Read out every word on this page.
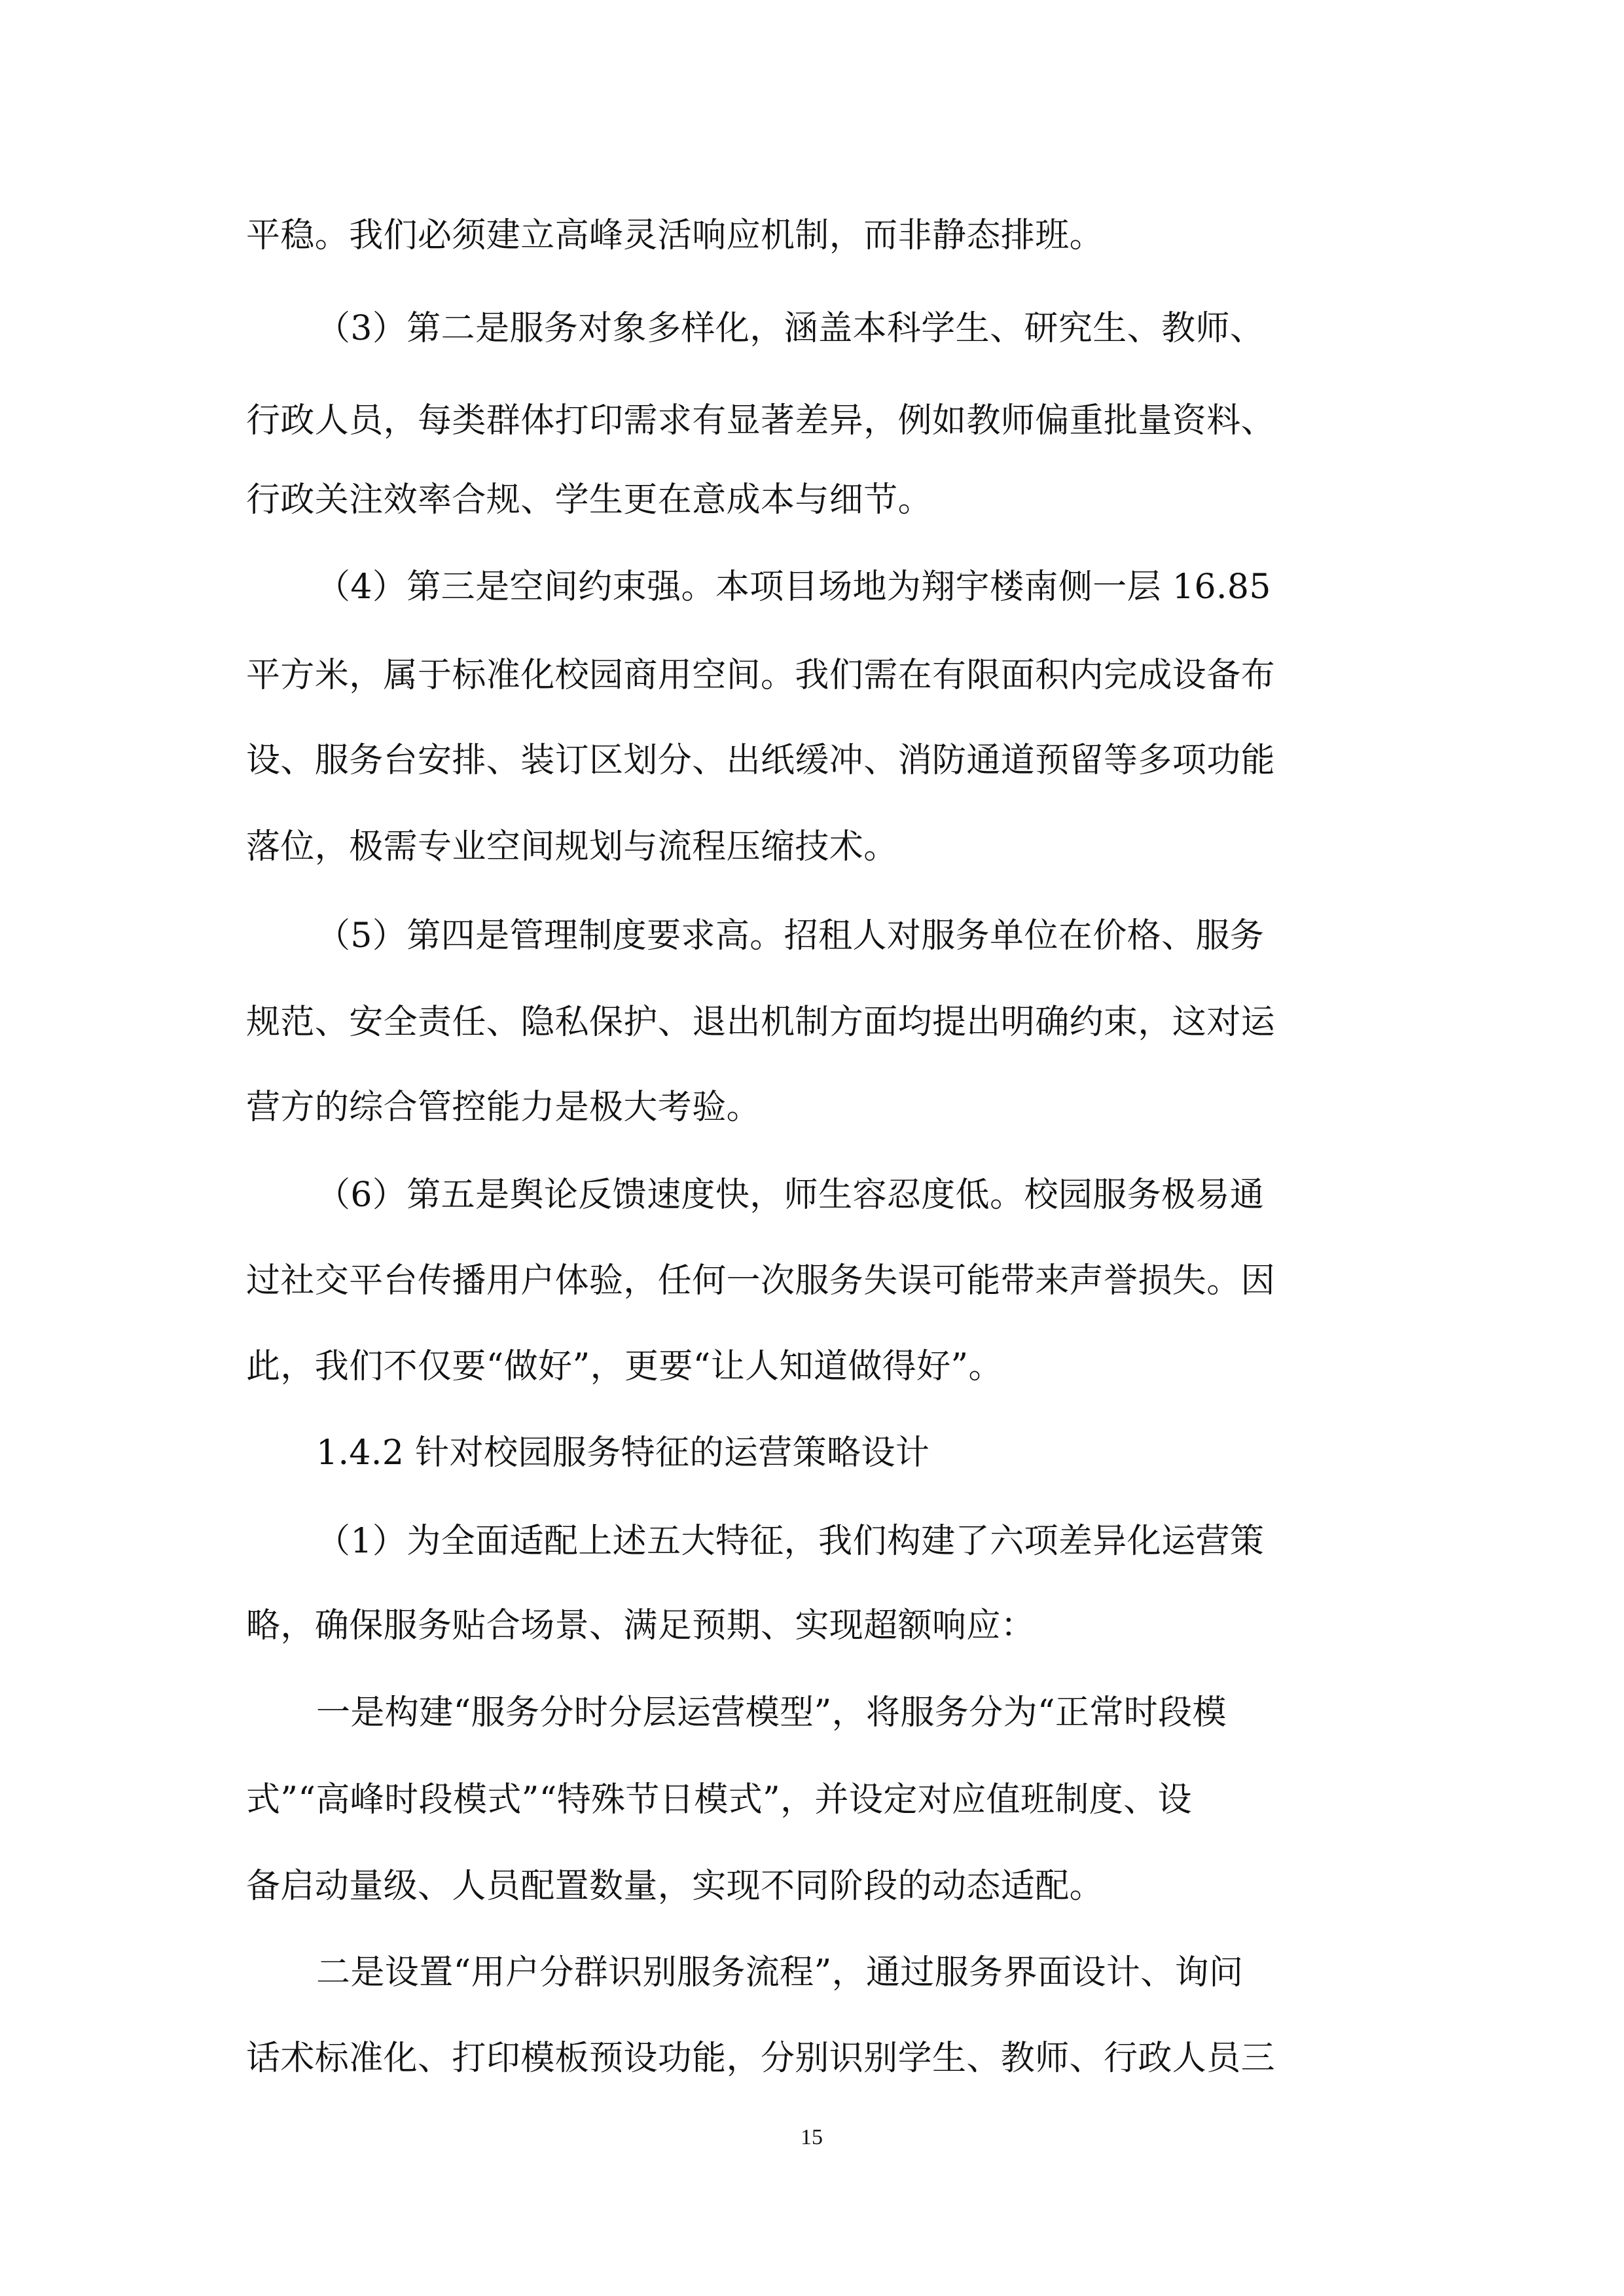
平稳。我们必须建立高峰灵活响应机制，而非静态排班。
（3）第二是服务对象多样化，涵盖本科学生、研究生、教师、
行政人员，每类群体打印需求有显著差异，例如教师偏重批量资料、
行政关注效率合规、学生更在意成本与细节。
（4）第三是空间约束强。本项目场地为翔宇楼南侧一层 16.85
平方米，属于标准化校园商用空间。我们需在有限面积内完成设备布
设、服务台安排、装订区划分、出纸缓冲、消防通道预留等多项功能
落位，极需专业空间规划与流程压缩技术。
（5）第四是管理制度要求高。招租人对服务单位在价格、服务
规范、安全责任、隐私保护、退出机制方面均提出明确约束，这对运
营方的综合管控能力是极大考验。
（6）第五是舆论反馈速度快，师生容忍度低。校园服务极易通
过社交平台传播用户体验，任何一次服务失误可能带来声誉损失。因
此，我们不仅要“做好”，更要“让人知道做得好”。
1.4.2 针对校园服务特征的运营策略设计
（1）为全面适配上述五大特征，我们构建了六项差异化运营策
略，确保服务贴合场景、满足预期、实现超额响应：
一是构建“服务分时分层运营模型”，将服务分为“正常时段模
式”“高峰时段模式”“特殊节日模式”，并设定对应值班制度、设
备启动量级、人员配置数量，实现不同阶段的动态适配。
二是设置“用户分群识别服务流程”，通过服务界面设计、询问
话术标准化、打印模板预设功能，分别识别学生、教师、行政人员三
15
